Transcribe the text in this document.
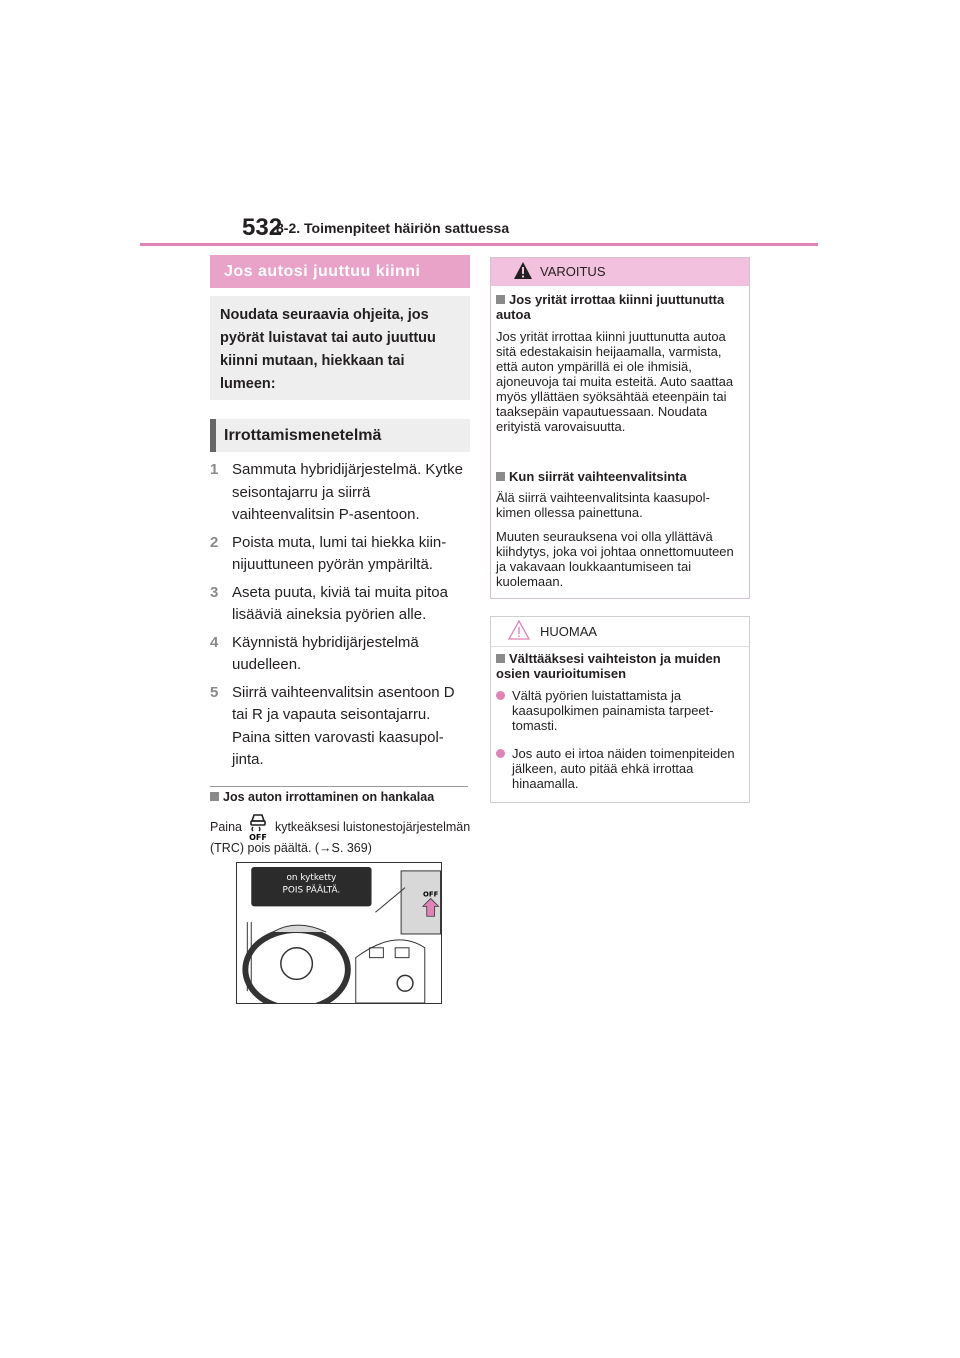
532
8-2. Toimenpiteet häiriön sattuessa
Jos autosi juuttuu kiinni
Noudata seuraavia ohjeita, jos pyörät luistavat tai auto juuttuu kiinni mutaan, hiekkaan tai lumeen:
Irrottamismenetelmä
1 Sammuta hybridijärjestelmä. Kytke seisontajarru ja siirrä vaihteenvalitsin P-asentoon.
2 Poista muta, lumi tai hiekka kiinnijuuttuneen pyörän ympäriltä.
3 Aseta puuta, kiviä tai muita pitoa lisääviä aineksia pyörien alle.
4 Käynnistä hybridijärjestelmä uudelleen.
5 Siirrä vaihteenvalitsin asentoon D tai R ja vapauta seisontajarru. Paina sitten varovasti kaasupoljinta.
Jos auton irrottaminen on hankalaa
Paina
OFF
kytkeäksesi luistonestojärjestelmän (TRC) pois päältä. (→S. 369)
on kytketty
POIS PÄÄLTÄ.	OFF
VAROITUS
Jos yrität irrottaa kiinni juuttunutta autoa
Jos yrität irrottaa kiinni juuttunutta autoa sitä edestakaisin heijaamalla, varmista, että auton ympärillä ei ole ihmisiä, ajoneuvoja tai muita esteitä. Auto saattaa myös yllättäen syöksähtää eteenpäin tai taaksepäin vapautuessaan. Noudata erityistä varovaisuutta.
Kun siirrät vaihteenvalitsinta
Älä siirrä vaihteenvalitsinta kaasupolkimen ollessa painettuna.
Muuten seurauksena voi olla yllättävä kiihdytys, joka voi johtaa onnettomuuteen ja vakavaan loukkaantumiseen tai kuolemaan.
HUOMAA
Välttääksesi vaihteiston ja muiden osien vaurioitumisen
Vältä pyörien luistattamista ja kaasupolkimen painamista tarpeettomasti.
Jos auto ei irtoa näiden toimenpiteiden jälkeen, auto pitää ehkä irrottaa hinaamalla.
